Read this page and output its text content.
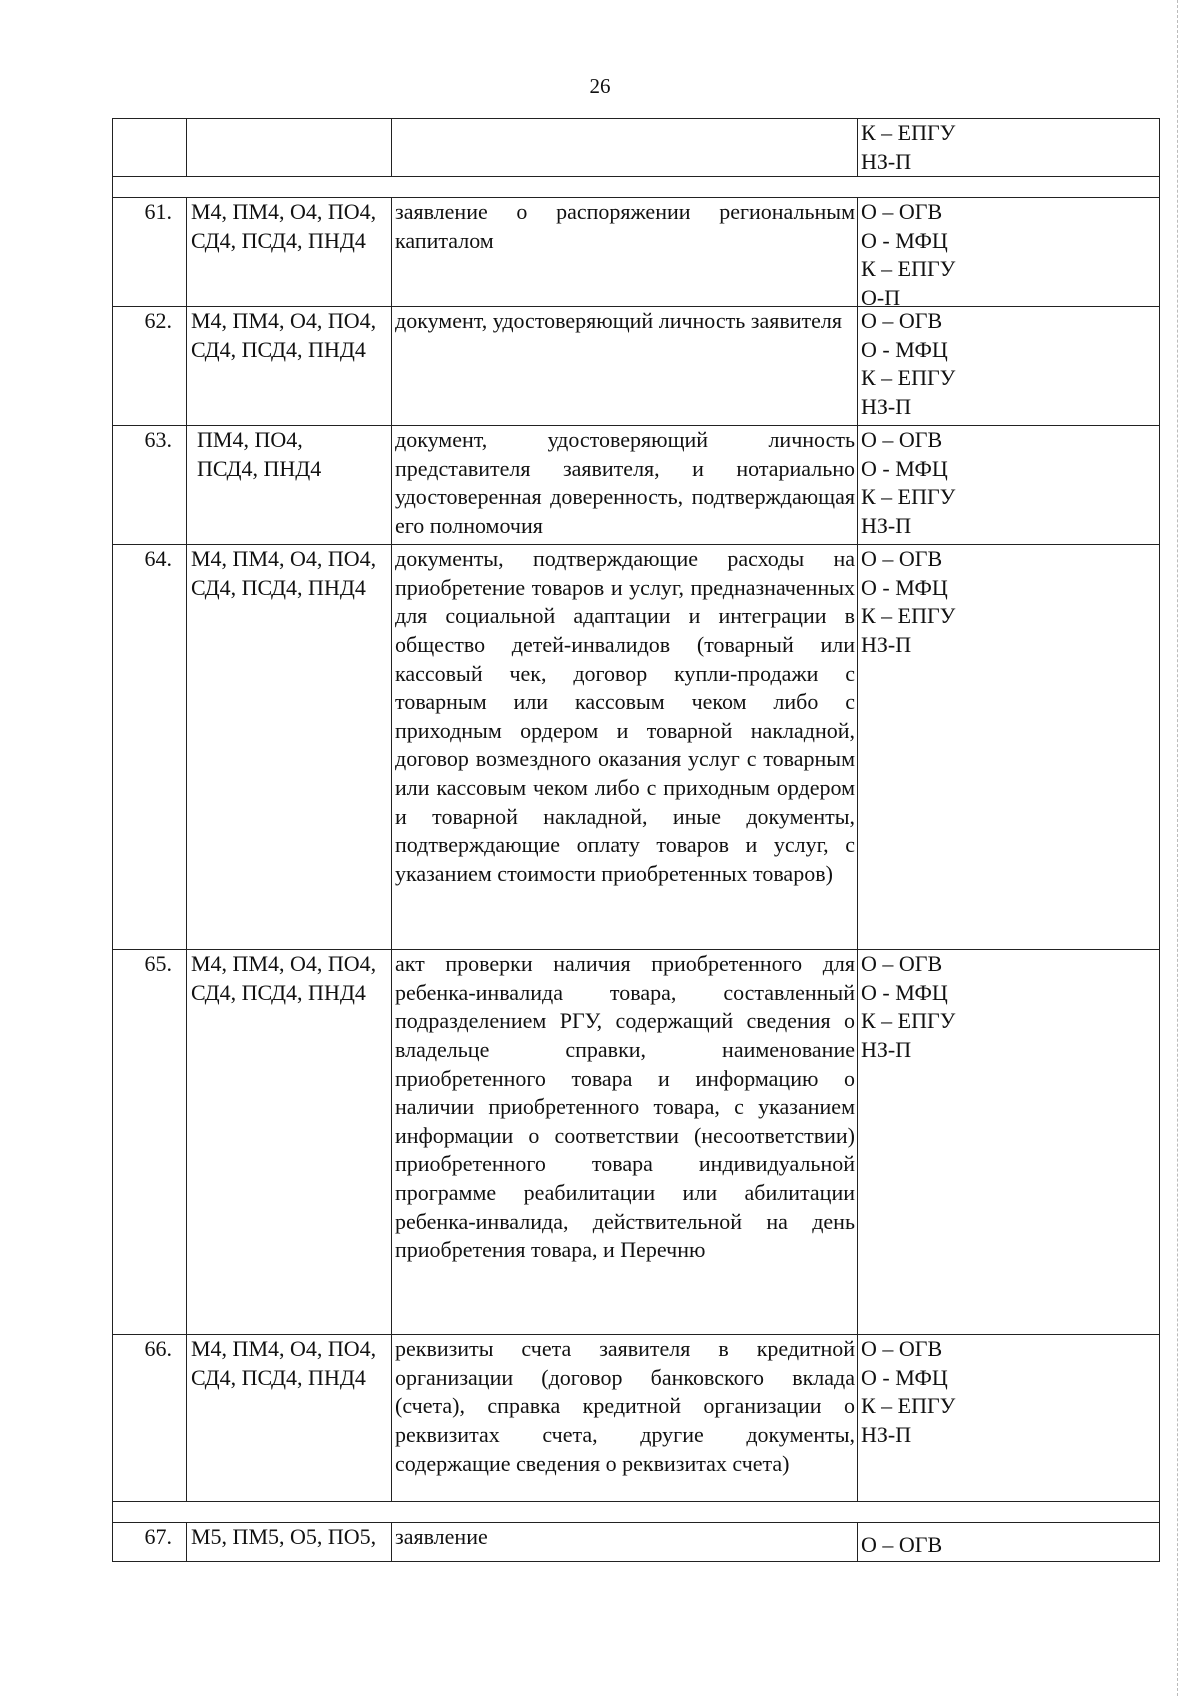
26
К – ЕПГУ
НЗ-П
61. М4, ПМ4, О4, ПО4,
СД4, ПСД4, ПНД4
заявление о распоряжении региональным капиталом
О – ОГВ
О - МФЦ
К – ЕПГУ
О-П
62. М4, ПМ4, О4, ПО4,
СД4, ПСД4, ПНД4
документ, удостоверяющий личность заявителя О – ОГВ
О - МФЦ
К – ЕПГУ
НЗ-П
63.	ПМ4, ПО4,
ПСД4, ПНД4
документ, удостоверяющий личность представителя заявителя, и нотариально удостоверенная доверенность, подтверждающая его полномочия
О – ОГВ
О - МФЦ
К – ЕПГУ
НЗ-П
64. М4, ПМ4, О4, ПО4,
СД4, ПСД4, ПНД4
документы, подтверждающие расходы на приобретение товаров и услуг, предназначенных для социальной адаптации и интеграции в общество детей-инвалидов (товарный или кассовый чек, договор купли-продажи с товарным или кассовым чеком либо с приходным ордером и товарной накладной, договор возмездного оказания услуг с товарным или кассовым чеком либо с приходным ордером и товарной накладной, иные документы, подтверждающие оплату товаров и услуг, с указанием стоимости приобретенных товаров)
О – ОГВ
О - МФЦ
К – ЕПГУ
НЗ-П
65. М4, ПМ4, О4, ПО4,
СД4, ПСД4, ПНД4
акт проверки наличия приобретенного для ребенка-инвалида товара, составленный подразделением РГУ, содержащий сведения о владельце справки, наименование приобретенного товара и информацию о наличии приобретенного товара, с указанием информации о соответствии (несоответствии) приобретенного товара индивидуальной программе реабилитации или абилитации ребенка-инвалида, действительной на день приобретения товара, и Перечню
О – ОГВ
О - МФЦ
К – ЕПГУ
НЗ-П
66. М4, ПМ4, О4, ПО4,
СД4, ПСД4, ПНД4
реквизиты счета заявителя в кредитной организации (договор банковского вклада (счета), справка кредитной организации о реквизитах счета, другие документы, содержащие сведения о реквизитах счета)
О – ОГВ
О - МФЦ
К – ЕПГУ
НЗ-П
67. М5, ПМ5, О5, ПО5, заявление	О – ОГВ
